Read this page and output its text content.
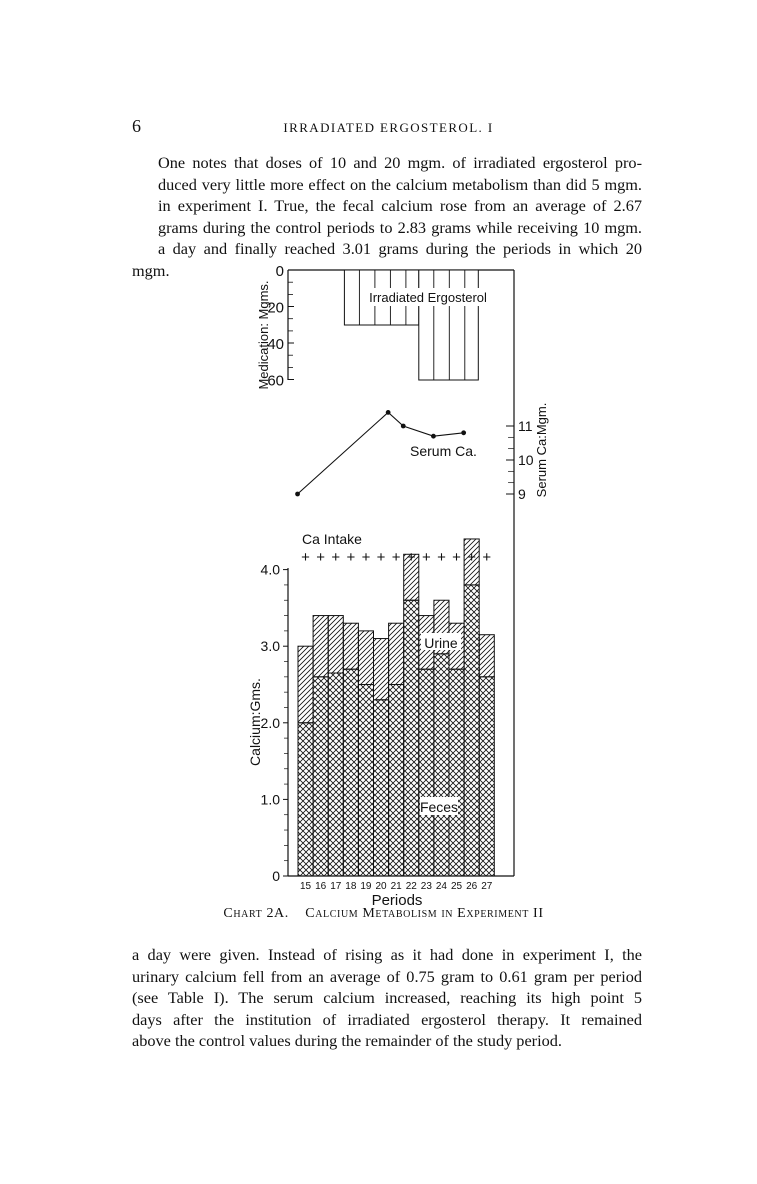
6	IRRADIATED ERGOSTEROL. I

One notes that doses of 10 and 20 mgm. of irradiated ergosterol pro-
duced very little more effect on the calcium metabolism than did 5 mgm.
in experiment I. True, the fecal calcium rose from an average of 2.67
grams during the control periods to 2.83 grams while receiving 10 mgm.
a day and finally reached 3.01 grams during the periods in which 20 mgm.	0
20
40
60
Medication: Mgms.
0
1.0
2.0
3.0
4.0
Calcium:Gms.
Feces
Urine
Ca Intake
+ + + + + + + + + + + + +
Irradiated Ergosterol
9
10
11 Serum Ca:Mgm.
Serum Ca.
15 16 17 18 19 20 21 22 23 24 25 26 27
Periods
Chart 2A. Calcium Metabolism in Experiment II

a day were given. Instead of rising as it had done in experiment I, the
urinary calcium fell from an average of 0.75 gram to 0.61 gram per period
(see Table I). The serum calcium increased, reaching its high point 5
days after the institution of irradiated ergosterol therapy. It remained
above the control values during the remainder of the study period.
